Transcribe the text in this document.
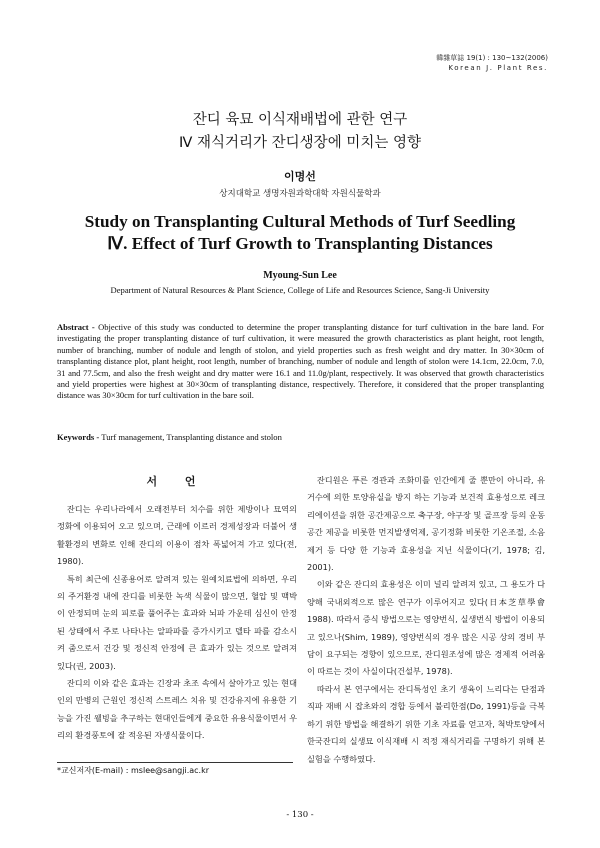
韓雜草誌 19(1) : 130~132(2006)
Korean J. Plant Res.
잔디 육묘 이식재배법에 관한 연구
Ⅳ 재식거리가 잔디생장에 미치는 영향
이명선
상지대학교 생명자원과학대학 자원식물학과
Study on Transplanting Cultural Methods of Turf Seedling
Ⅳ. Effect of Turf Growth to Transplanting Distances
Myoung-Sun Lee
Department of Natural Resources & Plant Science, College of Life and Resources Science, Sang-Ji University
Abstract - Objective of this study was conducted to determine the proper transplanting distance for turf cultivation in the bare land. For investigating the proper transplanting distance of turf cultivation, it were measured the growth characteristics as plant height, root length, number of branching, number of nodule and length of stolon, and yield properties such as fresh weight and dry matter. In 30×30cm of transplanting distance plot, plant height, root length, number of branching, number of nodule and length of stolon were 14.1cm, 22.0cm, 7.0, 31 and 77.5cm, and also the fresh weight and dry matter were 16.1 and 11.0g/plant, respectively. It was observed that growth characteristics and yield properties were highest at 30×30cm of transplanting distance, respectively. Therefore, it considered that the proper transplanting distance was 30×30cm for turf cultivation in the bare soil.
Keywords - Turf management, Transplanting distance and stolon
서 언

잔디는 우리나라에서 오래전부터 치수를 위한 제방이나 묘역의 정화에 이용되어 오고 있으며, 근래에 이르러 경제성장과 더불어 생활환경의 변화로 인해 잔디의 이용이 점차 폭넓어져 가고 있다(전, 1980).

특히 최근에 신종용어로 알려져 있는 원예치료법에 의하면, 우리의 주거환경 내에 잔디를 비롯한 녹색 식물이 많으면, 혈압 및 맥박이 안정되며 눈의 피로를 풀어주는 효과와 뇌파 가운데 심신이 안정된 상태에서 주로 나타나는 알파파를 증가시키고 델타 파를 감소시켜 줌으로서 건강 및 정신적 안정에 큰 효과가 있는 것으로 알려져 있다(권, 2003).

잔디의 이와 같은 효과는 긴장과 초조 속에서 살아가고 있는 현대인의 만병의 근원인 정신적 스트레스 치유 및 건강유지에 유용한 기능을 가진 웰빙을 추구하는 현대인들에게 중요한 유용식물이면서 우리의 환경풍토에 잘 적응된 자생식물이다.

잔디원은 푸른 경관과 조화미를 인간에게 줄 뿐만이 아니라, 유거수에 의한 토양유실을 방지 하는 기능과 보건적 효용성으로 레크리에이션을 위한 공간제공으로 축구장, 야구장 및 골프장 등의 운동 공간 제공을 비롯한 먼지발생억제, 공기정화 비롯한 기온조절, 소음제거 등 다양 한 기능과 효용성을 지닌 식물이다(기, 1978; 김, 2001).

이와 같은 잔디의 효용성은 이미 널리 알려져 있고, 그 용도가 다양해 국내외적으로 많은 연구가 이루어지고 있다(日本芝草學會 1988). 따라서 증식 방법으로는 영양번식, 실생번식 방법이 이용되고 있으나(Shim, 1989), 영양번식의 경우 많은 시공 상의 경비 부담이 요구되는 경향이 있으므로, 잔디원조성에 많은 경제적 어려움이 따르는 것이 사실이다(건설부, 1978).

따라서 본 연구에서는 잔디특성인 초기 생육이 느리다는 단점과 직파 재배 시 잡초와의 경합 등에서 불리한점(Do, 1991)등을 극복하기 위한 방법을 해결하기 위한 기초 자료를 얻고자, 척박토양에서 한국잔디의 실생묘 이식재배 시 적정 재식거리를 구명하기 위해 본 실험을 수행하였다.

*교신저자(E-mail) : mslee@sangji.ac.kr
- 130 -
